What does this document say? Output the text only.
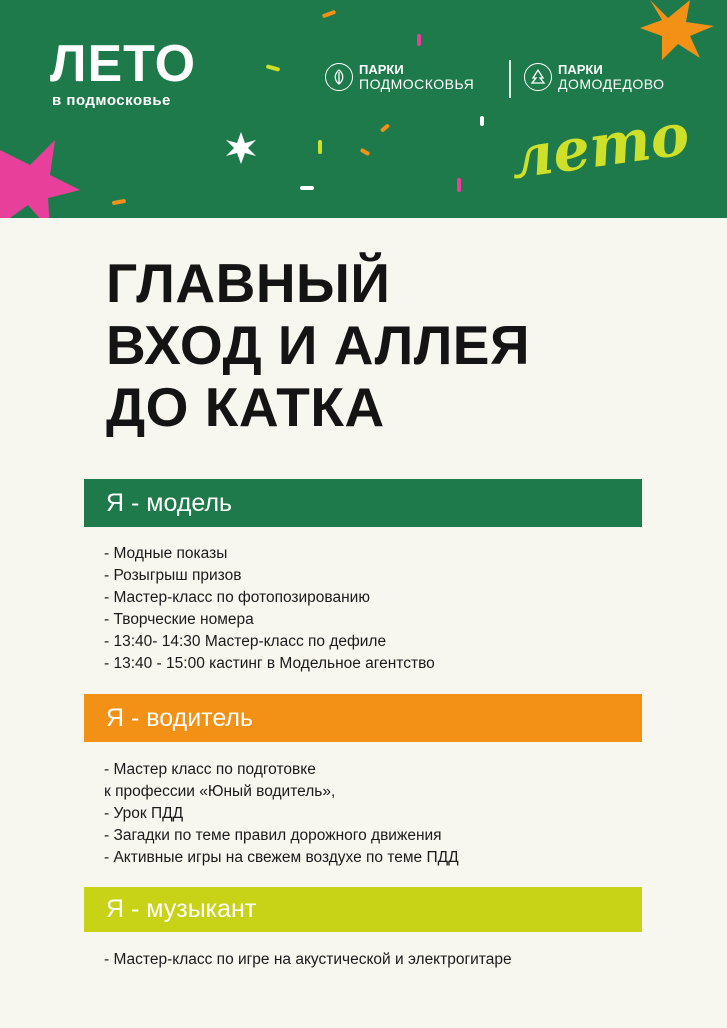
ЛЕТО
в подмосковье
ПАРКИ
ПОДМОСКОВЬЯ
ПАРКИ
ДОМОДЕДОВО
лето
ГЛАВНЫЙ
ВХОД И АЛЛЕЯ
ДО КАТКА
Я - модель
- Модные показы
- Розыгрыш призов
- Мастер-класс по фотопозированию
- Творческие номера
- 13:40- 14:30 Мастер-класс по дефиле
- 13:40 - 15:00 кастинг в Модельное агентство
Я - водитель
- Мастер класс по подготовке
к профессии «Юный водитель»,
- Урок ПДД
- Загадки по теме правил дорожного движения
- Активные игры на свежем воздухе по теме ПДД
Я - музыкант
- Мастер-класс по игре на акустической и электрогитаре
